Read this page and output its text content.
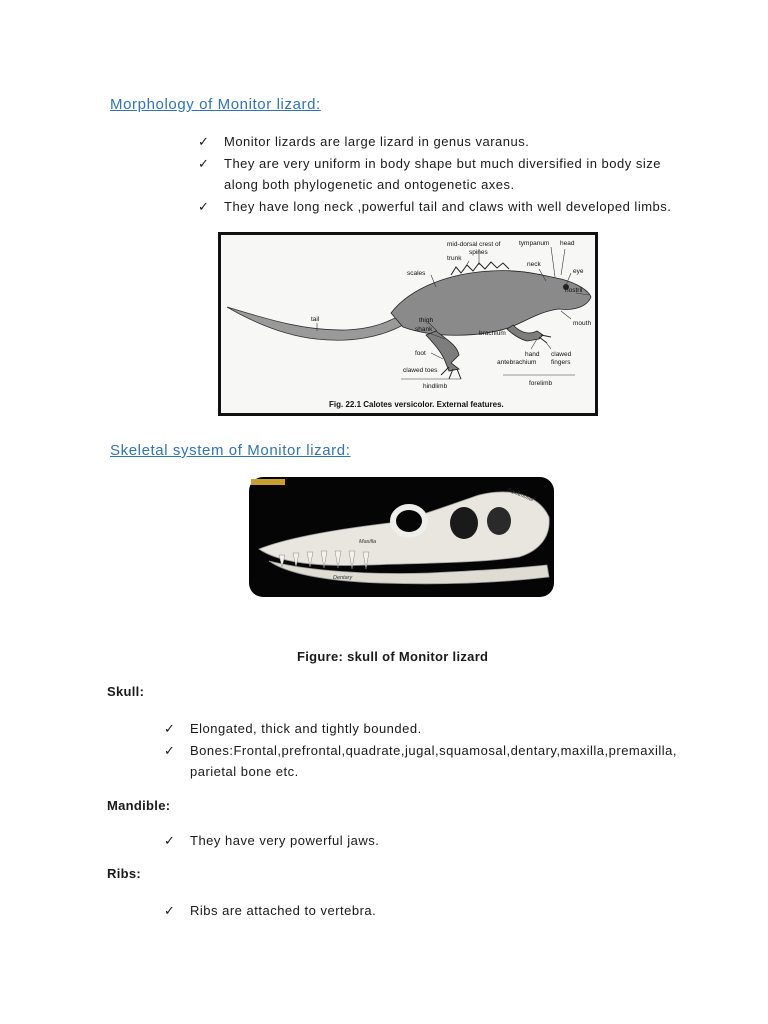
Morphology of Monitor lizard:
✓ Monitor lizards are large lizard in genus varanus.
✓ They are very uniform in body shape but much diversified in body size along both phylogenetic and ontogenetic axes.
✓ They have long neck ,powerful tail and claws with well developed limbs.
mid-dorsal crest of
spines
tympanum head
trunk
neck
eye
scales
nostril
tail	thigh
shank
mouth
brachium
foot	hand clawed
fingers
antebrachium
clawed toes
hindlimb	forelimb
Fig. 22.1 Calotes versicolor. External features.
Skeletal system of Monitor lizard:
Maxilla
Dentary
Squamosal
Figure: skull of Monitor lizard
Skull:
✓ Elongated, thick and tightly bounded.
✓ Bones:Frontal,prefrontal,quadrate,jugal,squamosal,dentary,maxilla,premaxilla, parietal bone etc.
Mandible:
✓ They have very powerful jaws.
Ribs:
✓ Ribs are attached to vertebra.
